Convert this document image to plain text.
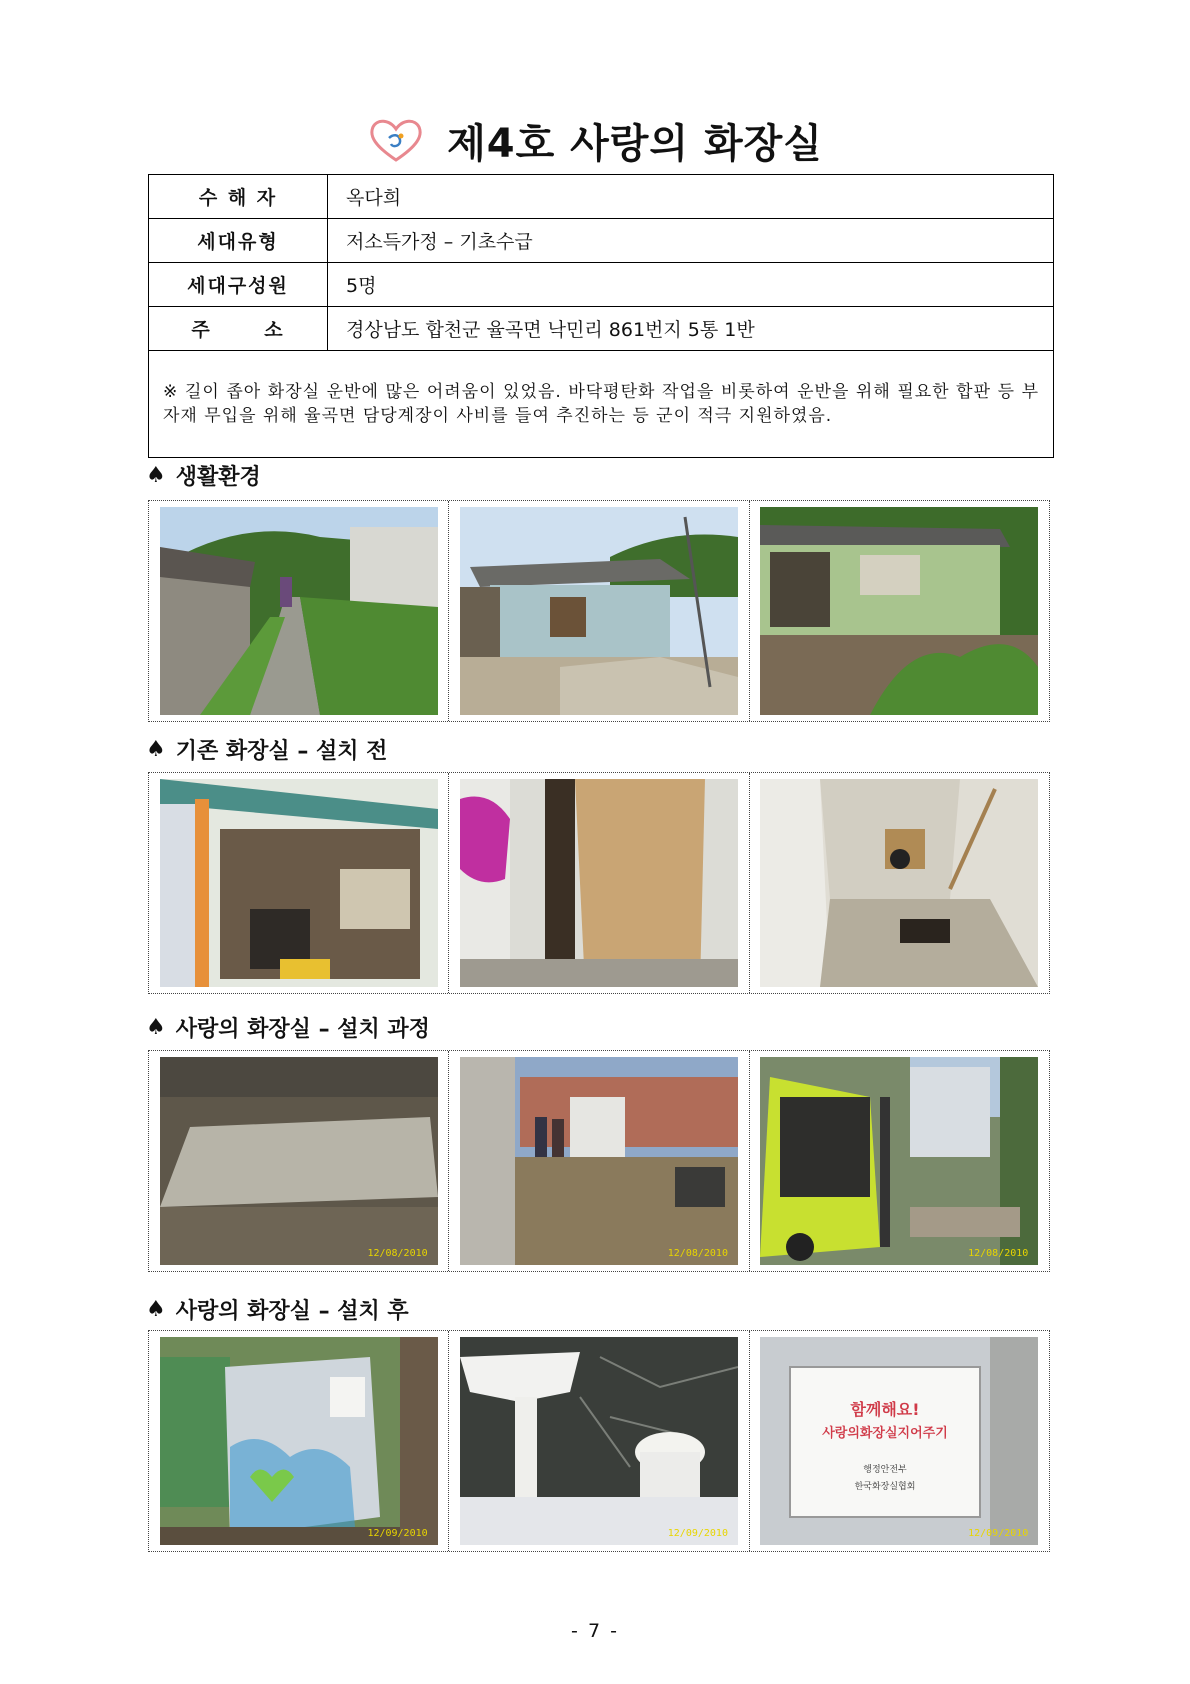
제4호 사랑의 화장실
수 해 자	옥다희
세대유형	저소득가정 – 기초수급
세대구성원	5명
주 소	경상남도 합천군 율곡면 낙민리 861번지 5통 1반
※ 길이 좁아 화장실 운반에 많은 어려움이 있었음. 바닥평탄화 작업을 비롯하여 운반을 위해 필요한 합판 등 부자재 무입을 위해 율곡면 담당계장이 사비를 들여 추진하는 등 군이 적극 지원하였음.	
♠ 생활환경
♠ 기존 화장실 – 설치 전
♠ 사랑의 화장실 – 설치 과정
12/08/2010	12/08/2010	12/08/2010
♠ 사랑의 화장실 – 설치 후
12/09/2010	12/09/2010
함께해요!
사랑의화장실지어주기
행정안전부
한국화장실협회
12/09/2010
- 7 -
